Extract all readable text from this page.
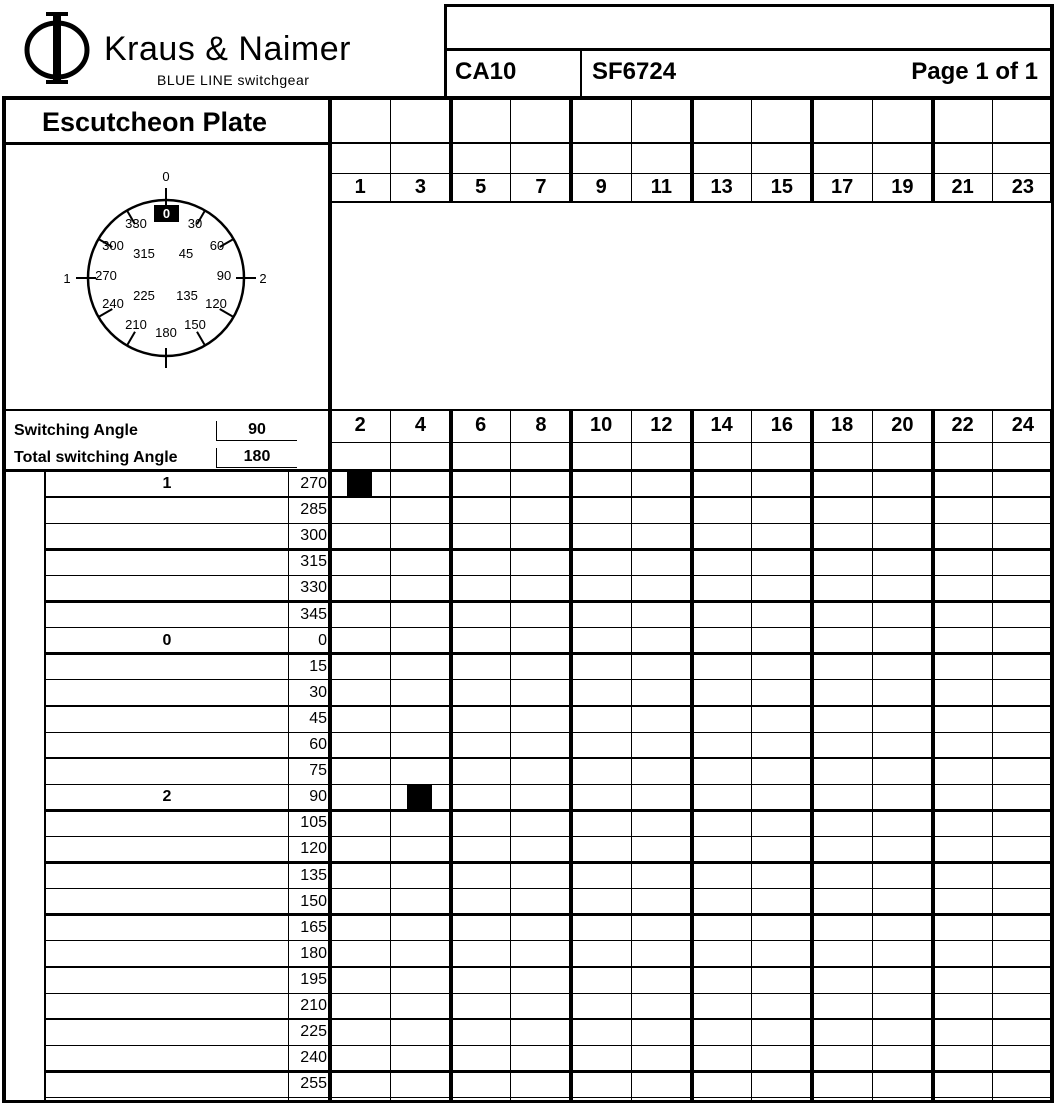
Kraus & Naimer
BLUE LINE switchgear	CA10	SF6724	Page 1 of 1
Escutcheon Plate
0
1	2
0
30
60
90
120
135
150
180
210
225
240
270
300
315
330
45
Switching Angle	90
Total switching Angle	180
1	3	5	7	9	11	13	15	17	19	21	23
2	4	6	8	10	12	14	16	18	20	22	24
1	270
285
300
315
330
345
0	0
15
30
45
60
75
2	90
105
120
135
150
165
180
195
210
225
240
255
